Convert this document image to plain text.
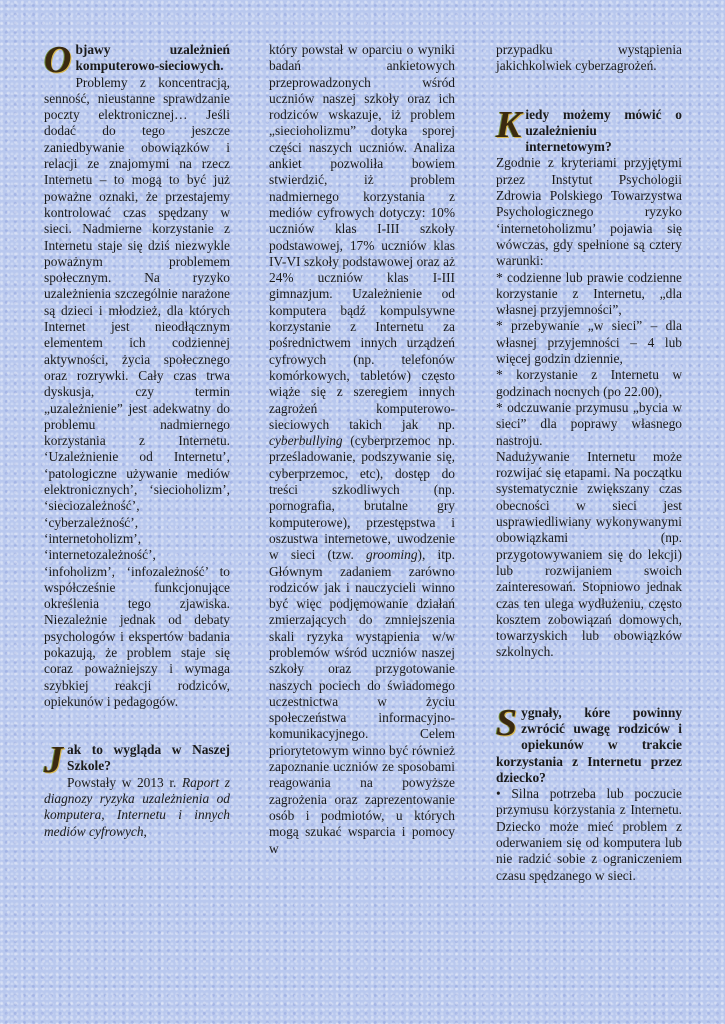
Objawy uzależnień komputerowo-sieciowych.

Problemy z koncentracją, senność, nieustanne sprawdzanie poczty elektronicznej… Jeśli dodać do tego jeszcze zaniedbywanie obowiązków i relacji ze znajomymi na rzecz Internetu – to mogą to być już poważne oznaki, że przestajemy kontrolować czas spędzany w sieci. Nadmierne korzystanie z Internetu staje się dziś niezwykle poważnym problemem społecznym. Na ryzyko uzależnienia szczególnie narażone są dzieci i młodzież, dla których Internet jest nieodłącznym elementem ich codziennej aktywności, życia społecznego oraz rozrywki. Cały czas trwa dyskusja, czy termin „uzależnienie” jest adekwatny do problemu nadmiernego korzystania z Internetu. ‘Uzależnienie od Internetu’, ‘patologiczne używanie mediów elektronicznych’, ‘siecioholizm’, ‘sieciozależność’, ‘cyberzależność’, ‘internetoholizm’, ‘internetozależność’, ‘infoholizm’, ‘infozależność’ to współcześnie funkcjonujące określenia tego zjawiska. Niezależnie jednak od debaty psychologów i ekspertów badania pokazują, że problem staje się coraz poważniejszy i wymaga szybkiej reakcji rodziców, opiekunów i pedagogów.

Jak to wygląda w Naszej Szkole?

Powstały w 2013 r. Raport z diagnozy ryzyka uzależnienia od komputera, Internetu i innych mediów cyfrowych,

który powstał w oparciu o wyniki badań ankietowych przeprowadzonych wśród uczniów naszej szkoły oraz ich rodziców wskazuje, iż problem „siecioholizmu” dotyka sporej części naszych uczniów. Analiza ankiet pozwoliła bowiem stwierdzić, iż problem nadmiernego korzystania z mediów cyfrowych dotyczy: 10% uczniów klas I-III szkoły podstawowej, 17% uczniów klas IV-VI szkoły podstawowej oraz aż 24% uczniów klas I-III gimnazjum. Uzależnienie od komputera bądź kompulsywne korzystanie z Internetu za pośrednictwem innych urządzeń cyfrowych (np. telefonów komórkowych, tabletów) często wiąże się z szeregiem innych zagrożeń komputerowo-sieciowych takich jak np. cyberbullying (cyberprzemoc np. prześladowanie, podszywanie się, cyberprzemoc, etc), dostęp do treści szkodliwych (np. pornografia, brutalne gry komputerowe), przestępstwa i oszustwa internetowe, uwodzenie w sieci (tzw. grooming), itp. Głównym zadaniem zarówno rodziców jak i nauczycieli winno być więc podjęmowanie działań zmierzających do zmniejszenia skali ryzyka wystąpienia w/w problemów wśród uczniów naszej szkoły oraz przygotowanie naszych pociech do świadomego uczestnictwa w życiu społeczeństwa informacyjno-komunikacyjnego. Celem priorytetowym winno być również zapoznanie uczniów ze sposobami reagowania na powyższe zagrożenia oraz zaprezentowanie osób i podmiotów, u których mogą szukać wsparcia i pomocy w

przypadku wystąpienia jakichkolwiek cyberzagrożeń.

Kiedy możemy mówić o uzależnieniu internetowym?

Zgodnie z kryteriami przyjętymi przez Instytut Psychologii Zdrowia Polskiego Towarzystwa Psychologicznego ryzyko ‘internetoholizmu’ pojawia się wówczas, gdy spełnione są cztery warunki:

* codzienne lub prawie codzienne korzystanie z Internetu, „dla własnej przyjemności”,

* przebywanie „w sieci” – dla własnej przyjemności – 4 lub więcej godzin dziennie,

* korzystanie z Internetu w godzinach nocnych (po 22.00),

* odczuwanie przymusu „bycia w sieci” dla poprawy własnego nastroju.

Nadużywanie Internetu może rozwijać się etapami. Na początku systematycznie zwiększany czas obecności w sieci jest usprawiedliwiany wykonywanymi obowiązkami (np. przygotowywaniem się do lekcji) lub rozwijaniem swoich zainteresowań. Stopniowo jednak czas ten ulega wydłużeniu, często kosztem zobowiązań domowych, towarzyskich lub obowiązków szkolnych.

Sygnały, kóre powinny zwrócić uwagę rodziców i opiekunów w trakcie korzystania z Internetu przez dziecko?

• Silna potrzeba lub poczucie przymusu korzystania z Internetu. Dziecko może mieć problem z oderwaniem się od komputera lub nie radzić sobie z ograniczeniem czasu spędzanego w sieci.
